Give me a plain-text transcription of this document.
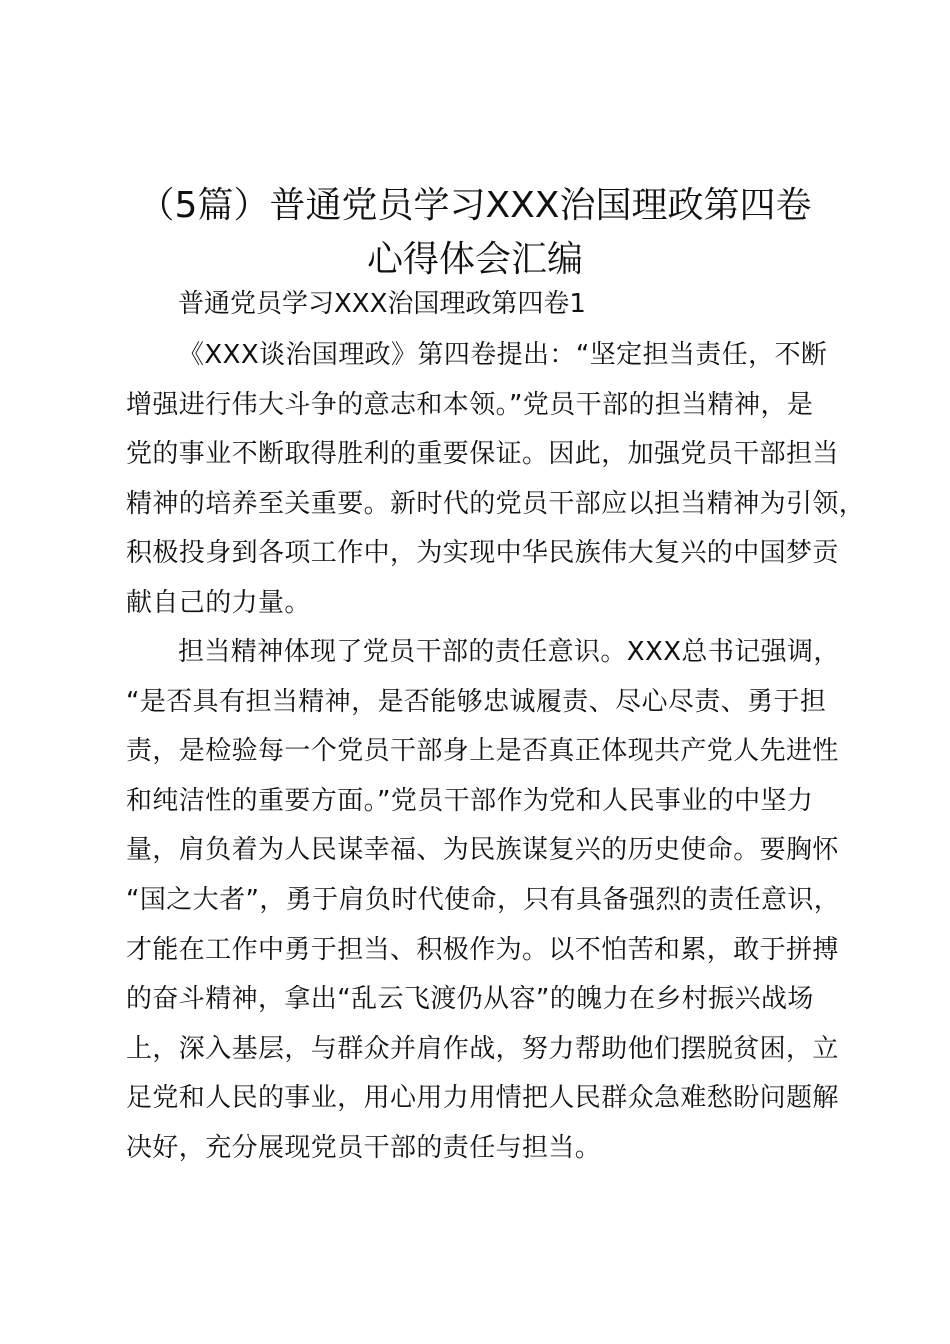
（5篇）普通党员学习XXX治国理政第四卷
心得体会汇编

普通党员学习XXX治国理政第四卷1

《XXX谈治国理政》第四卷提出：“坚定担当责任，不断
增强进行伟大斗争的意志和本领。”党员干部的担当精神，是
党的事业不断取得胜利的重要保证。因此，加强党员干部担当
精神的培养至关重要。新时代的党员干部应以担当精神为引领，
积极投身到各项工作中，为实现中华民族伟大复兴的中国梦贡
献自己的力量。
担当精神体现了党员干部的责任意识。XXX总书记强调，
“是否具有担当精神，是否能够忠诚履责、尽心尽责、勇于担
责，是检验每一个党员干部身上是否真正体现共产党人先进性
和纯洁性的重要方面。”党员干部作为党和人民事业的中坚力
量，肩负着为人民谋幸福、为民族谋复兴的历史使命。要胸怀
“国之大者”，勇于肩负时代使命，只有具备强烈的责任意识，
才能在工作中勇于担当、积极作为。以不怕苦和累，敢于拼搏
的奋斗精神，拿出“乱云飞渡仍从容”的魄力在乡村振兴战场
上，深入基层，与群众并肩作战，努力帮助他们摆脱贫困，立
足党和人民的事业，用心用力用情把人民群众急难愁盼问题解
决好，充分展现党员干部的责任与担当。
